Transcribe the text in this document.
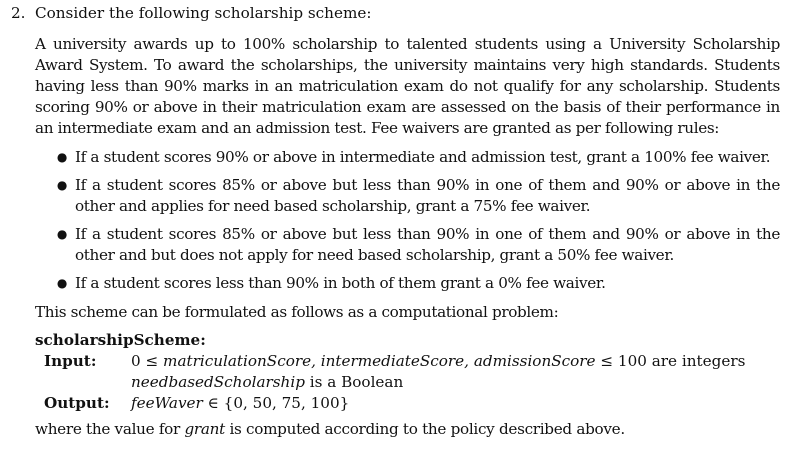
2. Consider the following scholarship scheme:

A university awards up to 100% scholarship to talented students using a University Scholarship Award System. To award the scholarships, the university maintains very high standards. Students having less than 90% marks in an matriculation exam do not qualify for any scholarship. Students scoring 90% or above in their matriculation exam are assessed on the basis of their performance in an intermediate exam and an admission test. Fee waivers are granted as per following rules:

● If a student scores 90% or above in intermediate and admission test, grant a 100% fee waiver.
● If a student scores 85% or above but less than 90% in one of them and 90% or above in the other and applies for need based scholarship, grant a 75% fee waiver.
● If a student scores 85% or above but less than 90% in one of them and 90% or above in the other and but does not apply for need based scholarship, grant a 50% fee waiver.
● If a student scores less than 90% in both of them grant a 0% fee waiver.

This scheme can be formulated as follows as a computational problem:

scholarshipScheme:
Input:	0 ≤ matriculationScore, intermediateScore, admissionScore ≤ 100 are integers
needbasedScholarship is a Boolean
Output:	feeWaver ∈ {0, 50, 75, 100}

where the value for grant is computed according to the policy described above.
